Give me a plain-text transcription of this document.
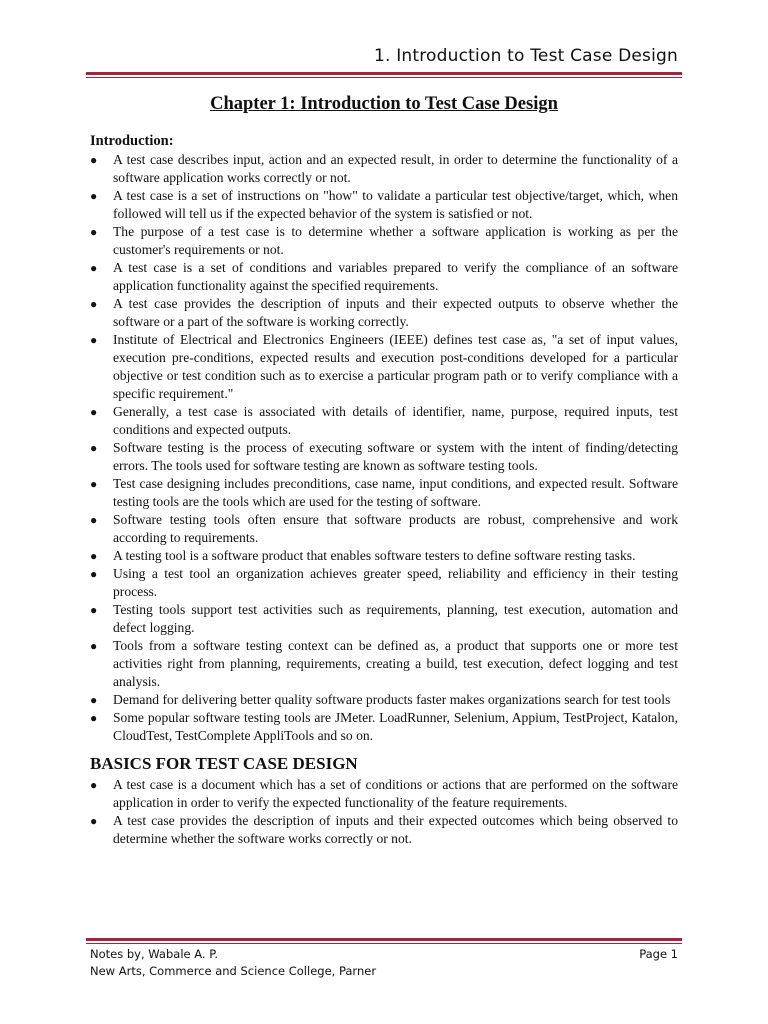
1. Introduction to Test Case Design
Chapter 1: Introduction to Test Case Design
Introduction:
● A test case describes input, action and an expected result, in order to determine the functionality of a software application works correctly or not.
● A test case is a set of instructions on "how" to validate a particular test objective/target, which, when followed will tell us if the expected behavior of the system is satisfied or not.
● The purpose of a test case is to determine whether a software application is working as per the customer's requirements or not.
● A test case is a set of conditions and variables prepared to verify the compliance of an software application functionality against the specified requirements.
● A test case provides the description of inputs and their expected outputs to observe whether the software or a part of the software is working correctly.
● Institute of Electrical and Electronics Engineers (IEEE) defines test case as, "a set of input values, execution pre-conditions, expected results and execution post-conditions developed for a particular objective or test condition such as to exercise a particular program path or to verify compliance with a specific requirement."
● Generally, a test case is associated with details of identifier, name, purpose, required inputs, test conditions and expected outputs.
● Software testing is the process of executing software or system with the intent of finding/detecting errors. The tools used for software testing are known as software testing tools.
● Test case designing includes preconditions, case name, input conditions, and expected result. Software testing tools are the tools which are used for the testing of software.
● Software testing tools often ensure that software products are robust, comprehensive and work according to requirements.
● A testing tool is a software product that enables software testers to define software resting tasks.
● Using a test tool an organization achieves greater speed, reliability and efficiency in their testing process.
● Testing tools support test activities such as requirements, planning, test execution, automation and defect logging.
● Tools from a software testing context can be defined as, a product that supports one or more test activities right from planning, requirements, creating a build, test execution, defect logging and test analysis.
● Demand for delivering better quality software products faster makes organizations search for test tools
● Some popular software testing tools are JMeter. LoadRunner, Selenium, Appium, TestProject, Katalon, CloudTest, TestComplete AppliTools and so on.
BASICS FOR TEST CASE DESIGN
● A test case is a document which has a set of conditions or actions that are performed on the software application in order to verify the expected functionality of the feature requirements.
● A test case provides the description of inputs and their expected outcomes which being observed to determine whether the software works correctly or not.
Notes by, Wabale A. P.
New Arts, Commerce and Science College, Parner
Page 1
